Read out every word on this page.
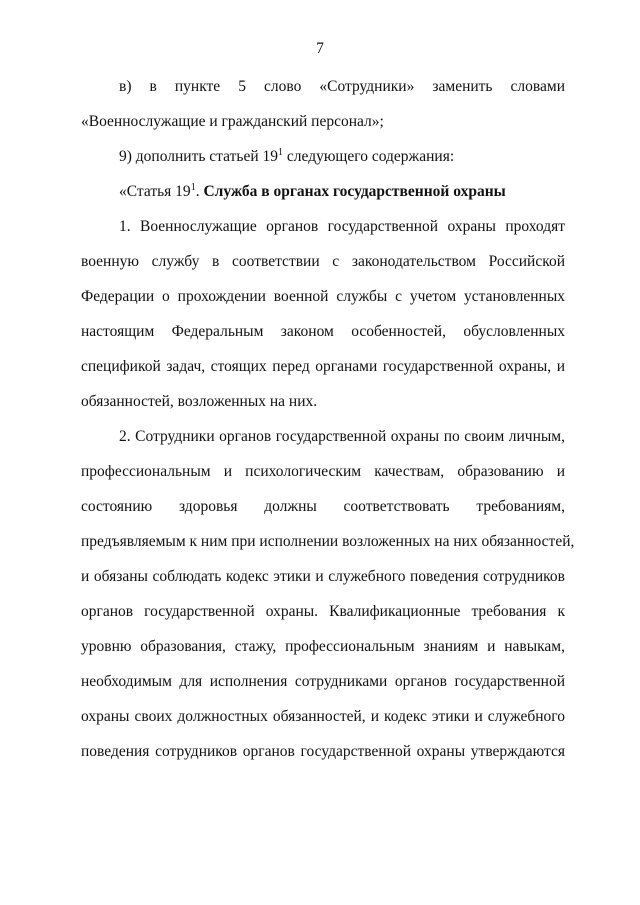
7
в)  в  пункте  5  слово  «Сотрудники»  заменить  словами
«Военнослужащие и гражданский персонал»;
9) дополнить статьей $19^1$ следующего содержания:
«Статья $19^1$. Служба в органах государственной охраны
1. Военнослужащие органов государственной охраны проходят
военную службу в соответствии с законодательством Российской
Федерации о прохождении военной службы с учетом установленных
настоящим Федеральным законом особенностей, обусловленных
спецификой задач, стоящих перед органами государственной охраны, и
обязанностей, возложенных на них.
2. Сотрудники органов государственной охраны по своим личным,
профессиональным и психологическим качествам, образованию и
состоянию здоровья должны соответствовать требованиям,
предъявляемым к ним при исполнении возложенных на них обязанностей,
и обязаны соблюдать кодекс этики и служебного поведения сотрудников
органов государственной охраны. Квалификационные требования к
уровню образования, стажу, профессиональным знаниям и навыкам,
необходимым для исполнения сотрудниками органов государственной
охраны своих должностных обязанностей, и кодекс этики и служебного
поведения сотрудников органов государственной охраны утверждаются
